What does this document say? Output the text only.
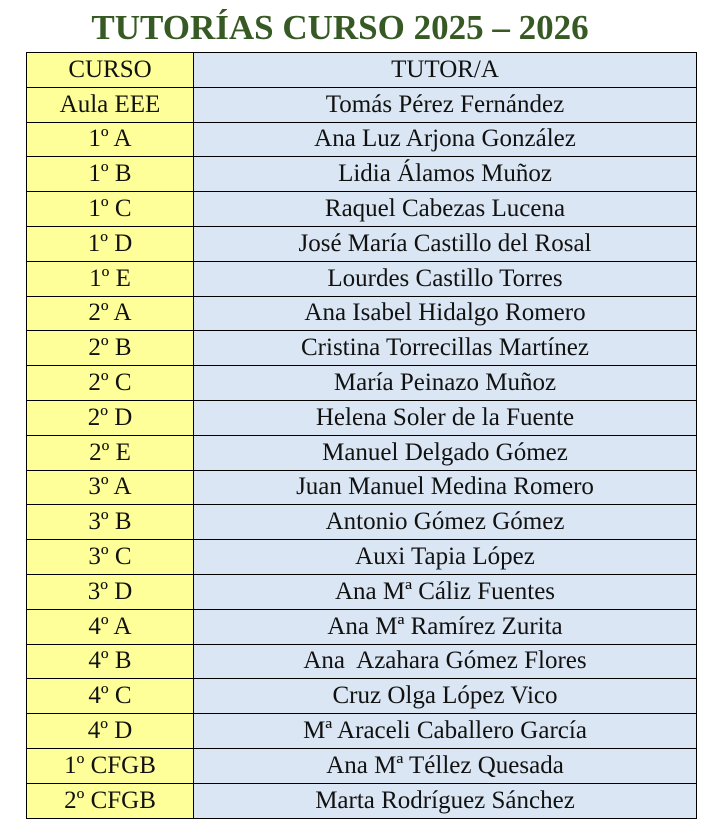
TUTORÍAS CURSO 2025 – 2026
CURSO	TUTOR/A
Aula EEE	Tomás Pérez Fernández
1º A	Ana Luz Arjona González
1º B	Lidia Álamos Muñoz
1º C	Raquel Cabezas Lucena
1º D	José María Castillo del Rosal
1º E	Lourdes Castillo Torres
2º A	Ana Isabel Hidalgo Romero
2º B	Cristina Torrecillas Martínez
2º C	María Peinazo Muñoz
2º D	Helena Soler de la Fuente
2º E	Manuel Delgado Gómez
3º A	Juan Manuel Medina Romero
3º B	Antonio Gómez Gómez
3º C	Auxi Tapia López
3º D	Ana Mª Cáliz Fuentes
4º A	Ana Mª Ramírez Zurita
4º B	Ana  Azahara Gómez Flores
4º C	Cruz Olga López Vico
4º D	Mª Araceli Caballero García
1º CFGB	Ana Mª Téllez Quesada
2º CFGB	Marta Rodríguez Sánchez
